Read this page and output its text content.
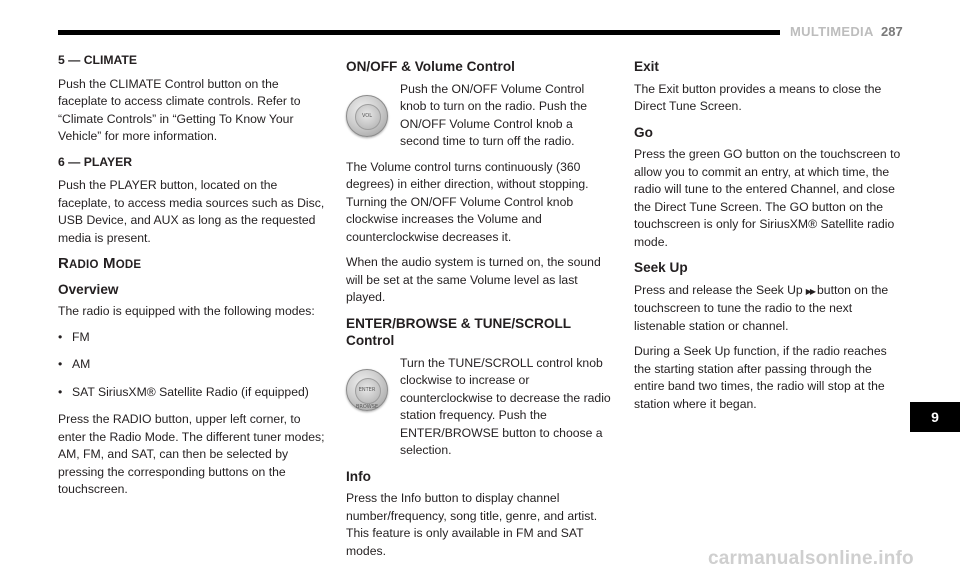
MULTIMEDIA 287
5 — CLIMATE

Push the CLIMATE Control button on the faceplate to access climate controls. Refer to “Climate Controls” in “Getting To Know Your Vehicle” for more information.

6 — PLAYER

Push the PLAYER button, located on the faceplate, to access media sources such as Disc, USB Device, and AUX as long as the requested media is present.

RADIO MODE
Overview

The radio is equipped with the following modes:

• FM
• AM
• SAT SiriusXM® Satellite Radio (if equipped)

Press the RADIO button, upper left corner, to enter the Radio Mode. The different tuner modes; AM, FM, and SAT, can then be selected by pressing the corresponding buttons on the touchscreen.

ON/OFF & Volume Control
VOL

Push the ON/OFF Volume Control knob to turn on the radio. Push the ON/OFF Volume Control knob a second time to turn off the radio.

The Volume control turns continuously (360 degrees) in either direction, without stopping. Turning the ON/OFF Volume Control knob clockwise increases the Volume and counterclockwise decreases it.

When the audio system is turned on, the sound will be set at the same Volume level as last played.

ENTER/BROWSE & TUNE/SCROLL Control
ENTER BROWSE

Turn the TUNE/SCROLL control knob clockwise to increase or counterclockwise to decrease the radio station frequency. Push the ENTER/BROWSE button to choose a selection.

Info

Press the Info button to display channel number/frequency, song title, genre, and artist. This feature is only available in FM and SAT modes.

Exit

The Exit button provides a means to close the Direct Tune Screen.

Go

Press the green GO button on the touchscreen to allow you to commit an entry, at which time, the radio will tune to the entered Channel, and close the Direct Tune Screen. The GO button on the touchscreen is only for SiriusXM® Satellite radio mode.

Seek Up

Press and release the Seek Up ▶▶ button on the touchscreen to tune the radio to the next listenable station or channel.

During a Seek Up function, if the radio reaches the starting station after passing through the entire band two times, the radio will stop at the station where it began.

9
carmanualsonline.info
